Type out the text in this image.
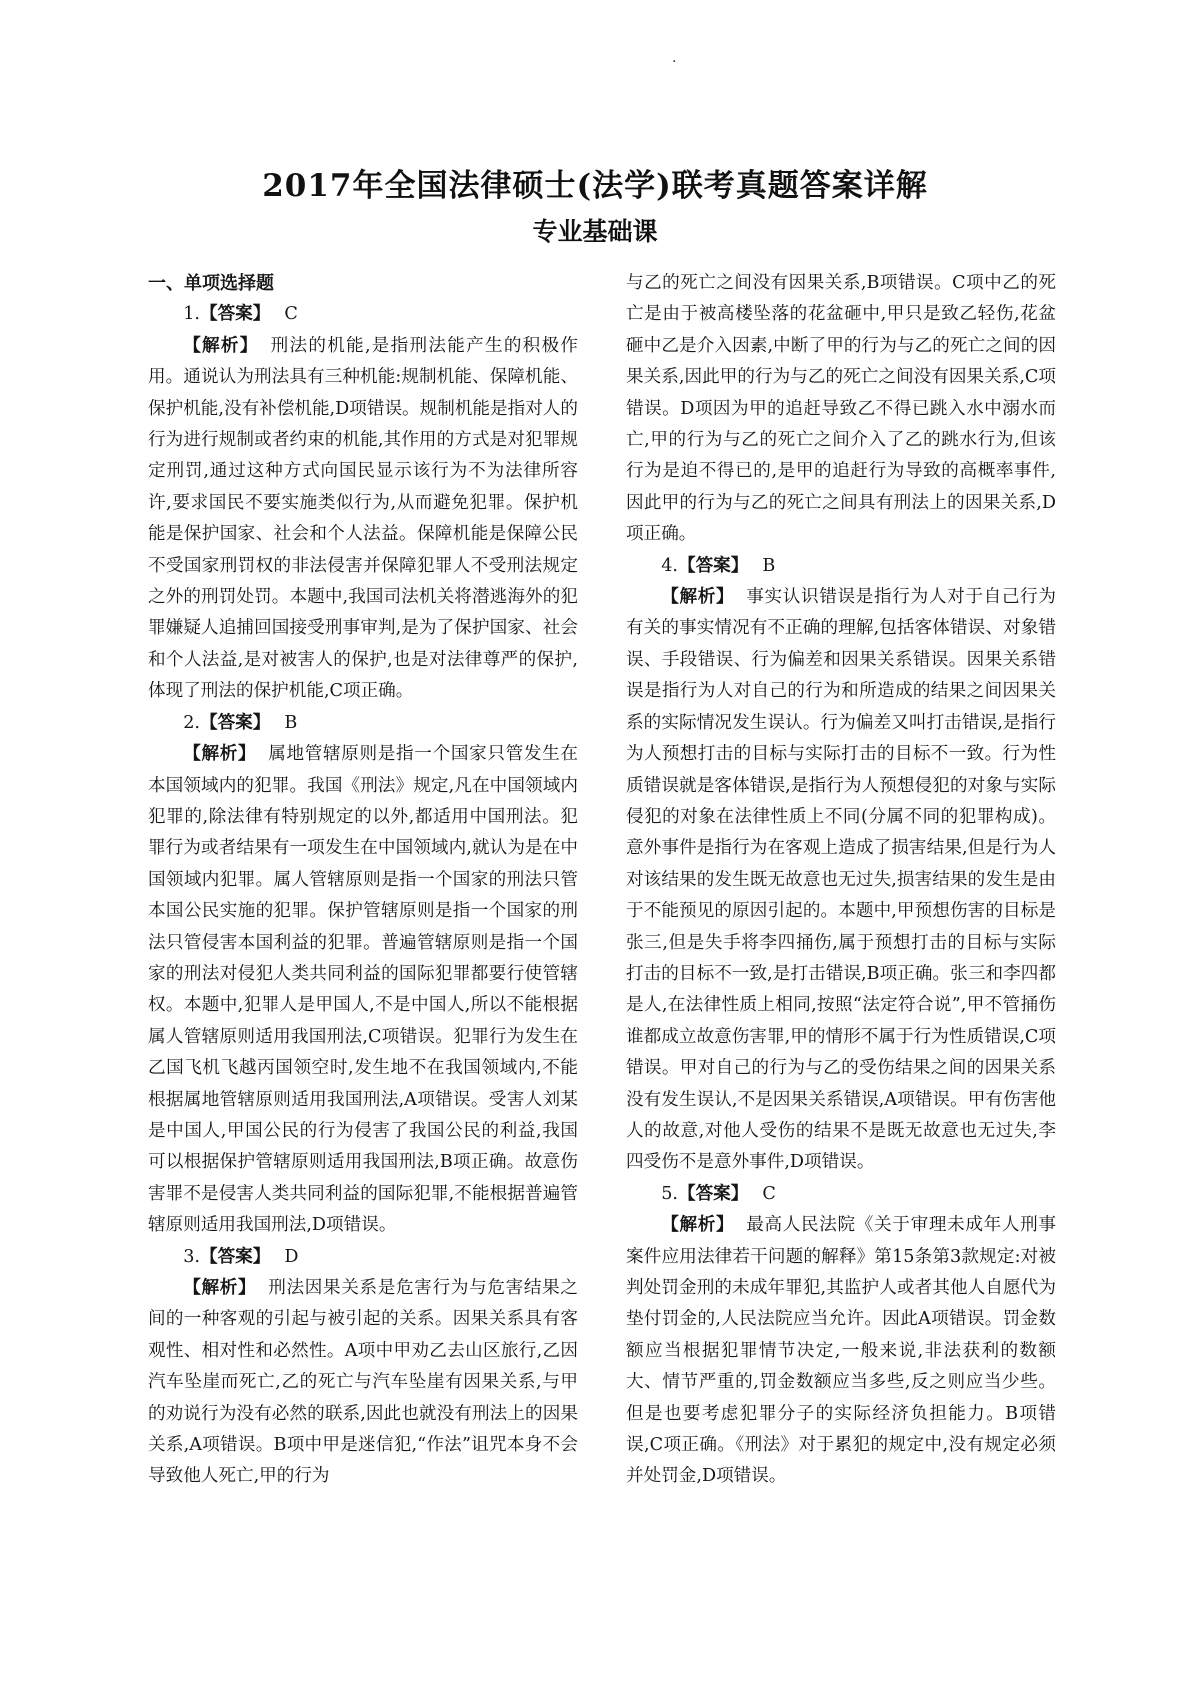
·
2017年全国法律硕士(法学)联考真题答案详解
专业基础课

一、单项选择题

1.【答案】 C

【解析】 刑法的机能,是指刑法能产生的积极作用。通说认为刑法具有三种机能:规制机能、保障机能、保护机能,没有补偿机能,D项错误。规制机能是指对人的行为进行规制或者约束的机能,其作用的方式是对犯罪规定刑罚,通过这种方式向国民显示该行为不为法律所容许,要求国民不要实施类似行为,从而避免犯罪。保护机能是保护国家、社会和个人法益。保障机能是保障公民不受国家刑罚权的非法侵害并保障犯罪人不受刑法规定之外的刑罚处罚。本题中,我国司法机关将潜逃海外的犯罪嫌疑人追捕回国接受刑事审判,是为了保护国家、社会和个人法益,是对被害人的保护,也是对法律尊严的保护,体现了刑法的保护机能,C项正确。

2.【答案】 B

【解析】 属地管辖原则是指一个国家只管发生在本国领域内的犯罪。我国《刑法》规定,凡在中国领域内犯罪的,除法律有特别规定的以外,都适用中国刑法。犯罪行为或者结果有一项发生在中国领域内,就认为是在中国领域内犯罪。属人管辖原则是指一个国家的刑法只管本国公民实施的犯罪。保护管辖原则是指一个国家的刑法只管侵害本国利益的犯罪。普遍管辖原则是指一个国家的刑法对侵犯人类共同利益的国际犯罪都要行使管辖权。本题中,犯罪人是甲国人,不是中国人,所以不能根据属人管辖原则适用我国刑法,C项错误。犯罪行为发生在乙国飞机飞越丙国领空时,发生地不在我国领域内,不能根据属地管辖原则适用我国刑法,A项错误。受害人刘某是中国人,甲国公民的行为侵害了我国公民的利益,我国可以根据保护管辖原则适用我国刑法,B项正确。故意伤害罪不是侵害人类共同利益的国际犯罪,不能根据普遍管辖原则适用我国刑法,D项错误。

3.【答案】 D

【解析】 刑法因果关系是危害行为与危害结果之间的一种客观的引起与被引起的关系。因果关系具有客观性、相对性和必然性。A项中甲劝乙去山区旅行,乙因汽车坠崖而死亡,乙的死亡与汽车坠崖有因果关系,与甲的劝说行为没有必然的联系,因此也就没有刑法上的因果关系,A项错误。B项中甲是迷信犯,“作法”诅咒本身不会导致他人死亡,甲的行为

与乙的死亡之间没有因果关系,B项错误。C项中乙的死亡是由于被高楼坠落的花盆砸中,甲只是致乙轻伤,花盆砸中乙是介入因素,中断了甲的行为与乙的死亡之间的因果关系,因此甲的行为与乙的死亡之间没有因果关系,C项错误。D项因为甲的追赶导致乙不得已跳入水中溺水而亡,甲的行为与乙的死亡之间介入了乙的跳水行为,但该行为是迫不得已的,是甲的追赶行为导致的高概率事件,因此甲的行为与乙的死亡之间具有刑法上的因果关系,D项正确。

4.【答案】 B

【解析】 事实认识错误是指行为人对于自己行为有关的事实情况有不正确的理解,包括客体错误、对象错误、手段错误、行为偏差和因果关系错误。因果关系错误是指行为人对自己的行为和所造成的结果之间因果关系的实际情况发生误认。行为偏差又叫打击错误,是指行为人预想打击的目标与实际打击的目标不一致。行为性质错误就是客体错误,是指行为人预想侵犯的对象与实际侵犯的对象在法律性质上不同(分属不同的犯罪构成)。意外事件是指行为在客观上造成了损害结果,但是行为人对该结果的发生既无故意也无过失,损害结果的发生是由于不能预见的原因引起的。本题中,甲预想伤害的目标是张三,但是失手将李四捅伤,属于预想打击的目标与实际打击的目标不一致,是打击错误,B项正确。张三和李四都是人,在法律性质上相同,按照“法定符合说”,甲不管捅伤谁都成立故意伤害罪,甲的情形不属于行为性质错误,C项错误。甲对自己的行为与乙的受伤结果之间的因果关系没有发生误认,不是因果关系错误,A项错误。甲有伤害他人的故意,对他人受伤的结果不是既无故意也无过失,李四受伤不是意外事件,D项错误。

5.【答案】 C

【解析】 最高人民法院《关于审理未成年人刑事案件应用法律若干问题的解释》第15条第3款规定:对被判处罚金刑的未成年罪犯,其监护人或者其他人自愿代为垫付罚金的,人民法院应当允许。因此A项错误。罚金数额应当根据犯罪情节决定,一般来说,非法获利的数额大、情节严重的,罚金数额应当多些,反之则应当少些。但是也要考虑犯罪分子的实际经济负担能力。B项错误,C项正确。《刑法》对于累犯的规定中,没有规定必须并处罚金,D项错误。
